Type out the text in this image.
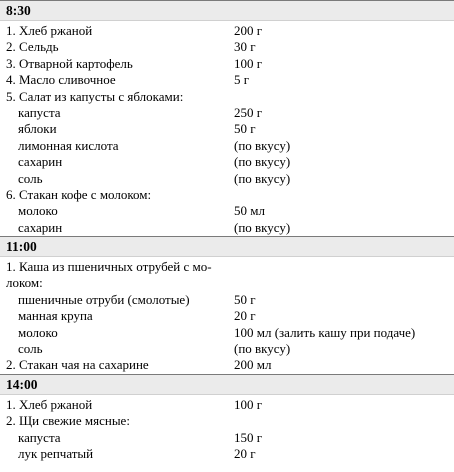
8:30
1. Хлеб ржаной	200 г
2. Сельдь	30 г
3. Отварной картофель	100 г
4. Масло сливочное	5 г
5. Салат из капусты с яблоками:
капуста	250 г
яблоки	50 г
лимонная кислота	(по вкусу)
сахарин	(по вкусу)
соль	(по вкусу)
6. Стакан кофе с молоком:
молоко	50 мл
сахарин	(по вкусу)
11:00
1. Каша из пшеничных отрубей с мо-
локом:
пшеничные отруби (смолотые)	50 г
манная крупа	20 г
молоко	100 мл (залить кашу при подаче)
соль	(по вкусу)
2. Стакан чая на сахарине	200 мл
14:00
1. Хлеб ржаной	100 г
2. Щи свежие мясные:
капуста	150 г
лук репчатый	20 г
